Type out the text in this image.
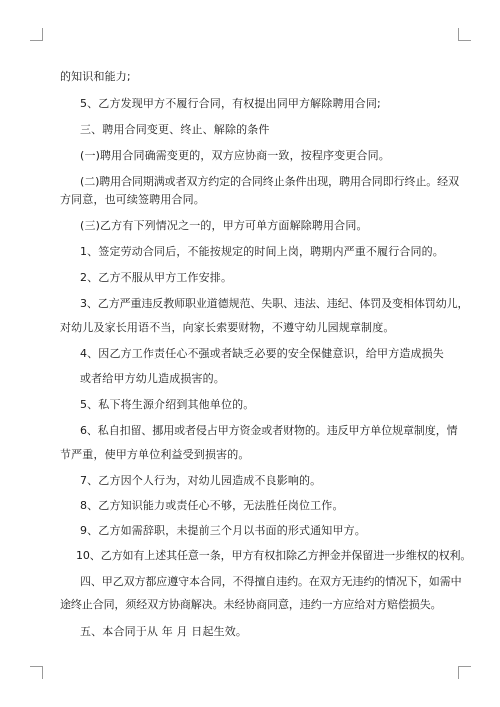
的知识和能力;
5、乙方发现甲方不履行合同，有权提出同甲方解除聘用合同;
三、聘用合同变更、终止、解除的条件
(一)聘用合同确需变更的，双方应协商一致，按程序变更合同。
(二)聘用合同期满或者双方约定的合同终止条件出现，聘用合同即行终止。经双
方同意，也可续签聘用合同。
(三)乙方有下列情况之一的，甲方可单方面解除聘用合同。
1、签定劳动合同后，不能按规定的时间上岗，聘期内严重不履行合同的。
2、乙方不服从甲方工作安排。
3、乙方严重违反教师职业道德规范、失职、违法、违纪、体罚及变相体罚幼儿，
对幼儿及家长用语不当，向家长索要财物，不遵守幼儿园规章制度。
4、因乙方工作责任心不强或者缺乏必要的安全保健意识，给甲方造成损失
或者给甲方幼儿造成损害的。
5、私下将生源介绍到其他单位的。
6、私自扣留、挪用或者侵占甲方资金或者财物的。违反甲方单位规章制度，情
节严重，使甲方单位利益受到损害的。
7、乙方因个人行为，对幼儿园造成不良影响的。
8、乙方知识能力或责任心不够，无法胜任岗位工作。
9、乙方如需辞职，未提前三个月以书面的形式通知甲方。
10、乙方如有上述其任意一条，甲方有权扣除乙方押金并保留进一步维权的权利。
四、甲乙双方都应遵守本合同，不得擅自违约。在双方无违约的情况下，如需中
途终止合同，须经双方协商解决。未经协商同意，违约一方应给对方赔偿损失。
五、本合同于从 年 月 日起生效。
